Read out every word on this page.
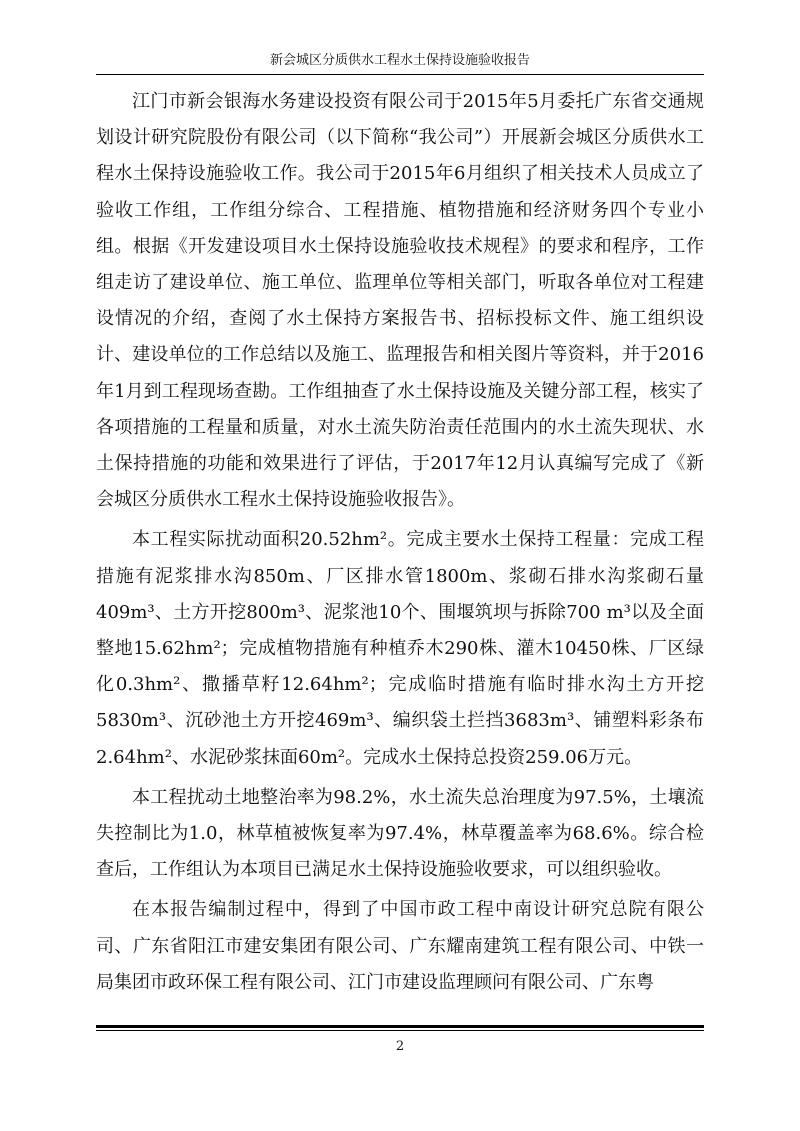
新会城区分质供水工程水土保持设施验收报告

江门市新会银海水务建设投资有限公司于2015年5月委托广东省交通规划设计研究院股份有限公司（以下简称“我公司”）开展新会城区分质供水工程水土保持设施验收工作。我公司于2015年6月组织了相关技术人员成立了验收工作组，工作组分综合、工程措施、植物措施和经济财务四个专业小组。根据《开发建设项目水土保持设施验收技术规程》的要求和程序，工作组走访了建设单位、施工单位、监理单位等相关部门，听取各单位对工程建设情况的介绍，查阅了水土保持方案报告书、招标投标文件、施工组织设计、建设单位的工作总结以及施工、监理报告和相关图片等资料，并于2016年1月到工程现场查勘。工作组抽查了水土保持设施及关键分部工程，核实了各项措施的工程量和质量，对水土流失防治责任范围内的水土流失现状、水土保持措施的功能和效果进行了评估，于2017年12月认真编写完成了《新会城区分质供水工程水土保持设施验收报告》。

本工程实际扰动面积20.52hm²。完成主要水土保持工程量：完成工程措施有泥浆排水沟850m、厂区排水管1800m、浆砌石排水沟浆砌石量409m³、土方开挖800m³、泥浆池10个、围堰筑坝与拆除700 m³以及全面整地15.62hm²；完成植物措施有种植乔木290株、灌木10450株、厂区绿化0.3hm²、撒播草籽12.64hm²；完成临时措施有临时排水沟土方开挖5830m³、沉砂池土方开挖469m³、编织袋土拦挡3683m³、铺塑料彩条布2.64hm²、水泥砂浆抹面60m²。完成水土保持总投资259.06万元。

本工程扰动土地整治率为98.2%，水土流失总治理度为97.5%，土壤流失控制比为1.0，林草植被恢复率为97.4%，林草覆盖率为68.6%。综合检查后，工作组认为本项目已满足水土保持设施验收要求，可以组织验收。

在本报告编制过程中，得到了中国市政工程中南设计研究总院有限公司、广东省阳江市建安集团有限公司、广东耀南建筑工程有限公司、中铁一局集团市政环保工程有限公司、江门市建设监理顾问有限公司、广东粤

2
